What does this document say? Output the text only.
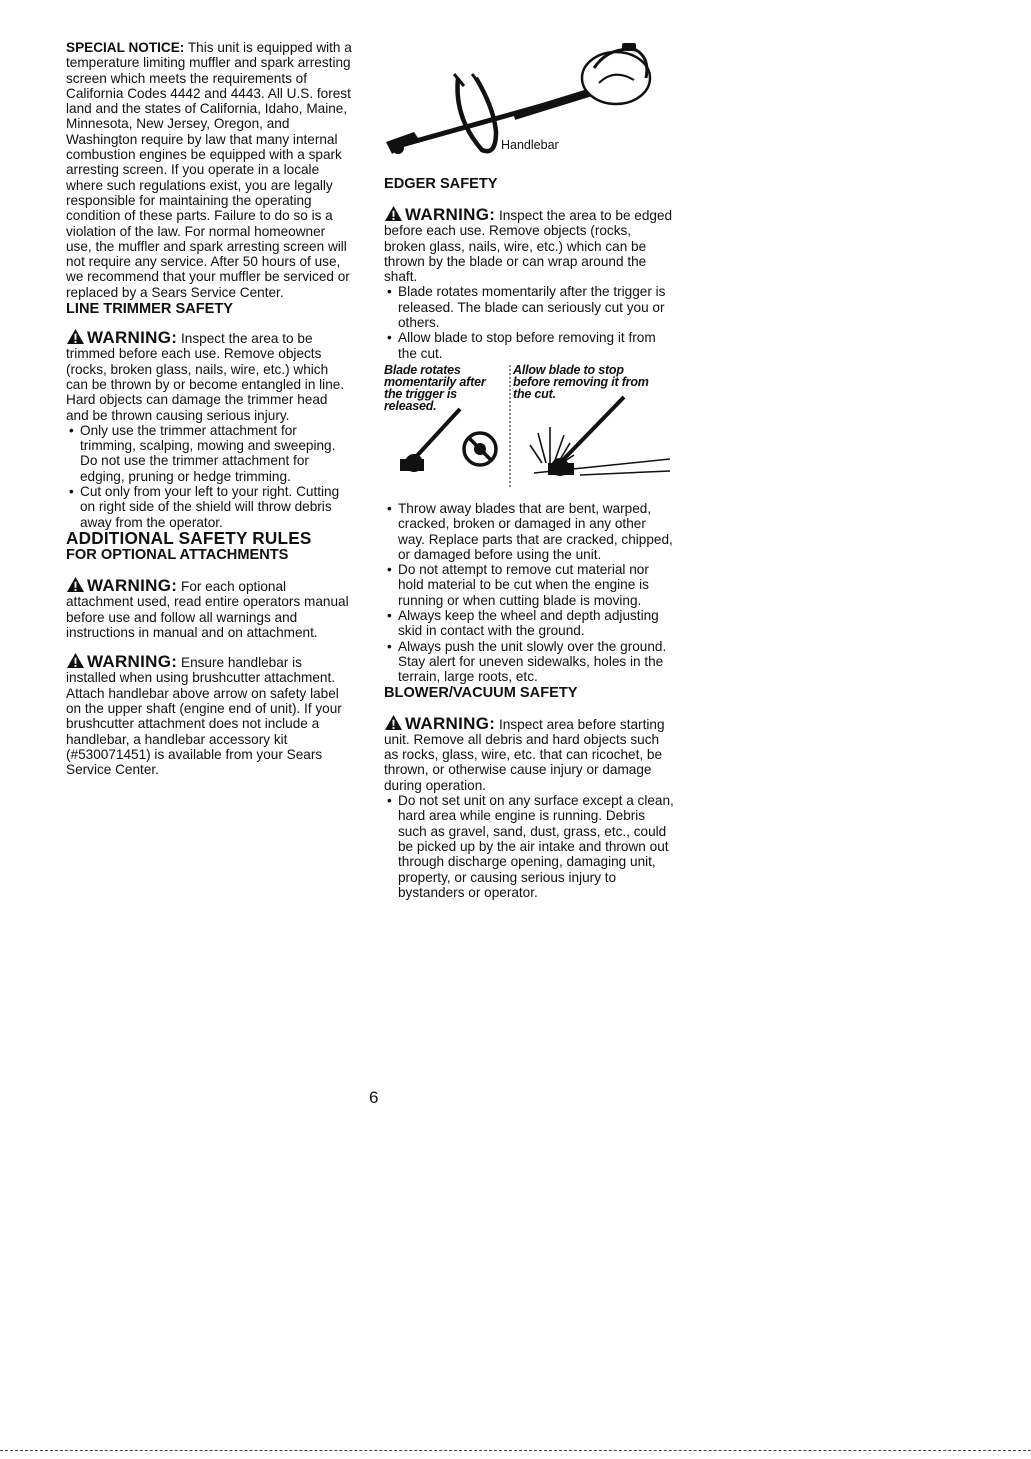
SPECIAL NOTICE: This unit is equipped with a temperature limiting muffler and spark arresting screen which meets the requirements of California Codes 4442 and 4443. All U.S. forest land and the states of California, Idaho, Maine, Minnesota, New Jersey, Oregon, and Washington require by law that many internal combustion engines be equipped with a spark arresting screen. If you operate in a locale where such regulations exist, you are legally responsible for maintaining the operating condition of these parts. Failure to do so is a violation of the law. For normal homeowner use, the muffler and spark arresting screen will not require any service. After 50 hours of use, we recommend that your muffler be serviced or replaced by a Sears Service Center.

LINE TRIMMER SAFETY

WARNING: Inspect the area to be trimmed before each use. Remove objects (rocks, broken glass, nails, wire, etc.) which can be thrown by or become entangled in line. Hard objects can damage the trimmer head and be thrown causing serious injury.

• Only use the trimmer attachment for trimming, scalping, mowing and sweeping. Do not use the trimmer attachment for edging, pruning or hedge trimming.
• Cut only from your left to your right. Cutting on right side of the shield will throw debris away from the operator.
ADDITIONAL SAFETY RULES
FOR OPTIONAL ATTACHMENTS

WARNING: For each optional attachment used, read entire operators manual before use and follow all warnings and instructions in manual and on attachment.

WARNING: Ensure handlebar is installed when using brushcutter attachment. Attach handlebar above arrow on safety label on the upper shaft (engine end of unit). If your brushcutter attachment does not include a handlebar, a handlebar accessory kit (#530071451) is available from your Sears Service Center.

Handlebar
EDGER SAFETY

WARNING: Inspect the area to be edged before each use. Remove objects (rocks, broken glass, nails, wire, etc.) which can be thrown by the blade or can wrap around the shaft.

• Blade rotates momentarily after the trigger is released. The blade can seriously cut you or others.
• Allow blade to stop before removing it from the cut.
Blade rotates momentarily after the trigger is released.
Allow blade to stop before removing it from the cut.
• Throw away blades that are bent, warped, cracked, broken or damaged in any other way. Replace parts that are cracked, chipped, or damaged before using the unit.
• Do not attempt to remove cut material nor hold material to be cut when the engine is running or when cutting blade is moving.
• Always keep the wheel and depth adjusting skid in contact with the ground.
• Always push the unit slowly over the ground. Stay alert for uneven sidewalks, holes in the terrain, large roots, etc.
BLOWER/VACUUM SAFETY

WARNING: Inspect area before starting unit. Remove all debris and hard objects such as rocks, glass, wire, etc. that can ricochet, be thrown, or otherwise cause injury or damage during operation.

• Do not set unit on any surface except a clean, hard area while engine is running. Debris such as gravel, sand, dust, grass, etc., could be picked up by the air intake and thrown out through discharge opening, damaging unit, property, or causing serious injury to bystanders or operator.
6
